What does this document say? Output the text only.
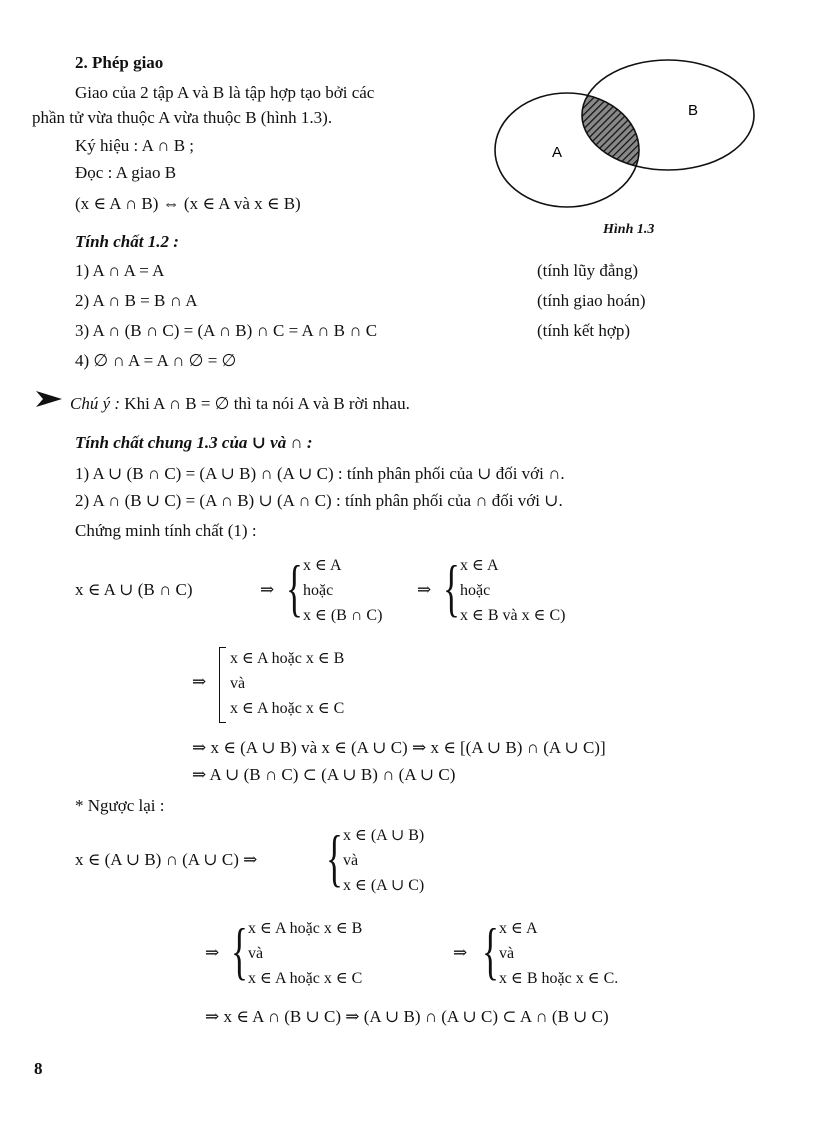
2. Phép giao
Giao của 2 tập A và B là tập hợp tạo bởi các
phần tử vừa thuộc A vừa thuộc B (hình 1.3).
Ký hiệu : A ∩ B ;
Đọc : A giao B
(x ∈ A ∩ B) ⇔ (x ∈ A và x ∈ B)
A
B
Hình 1.3
Tính chất 1.2 :
1) A ∩ A = A	(tính lũy đẳng)
2) A ∩ B = B ∩ A	(tính giao hoán)
3) A ∩ (B ∩ C) = (A ∩ B) ∩ C = A ∩ B ∩ C	(tính kết hợp)
4) ∅ ∩ A = A ∩ ∅ = ∅
Chú ý : Khi A ∩ B = ∅ thì ta nói A và B rời nhau.
Tính chất chung 1.3 của ∪ và ∩ :
1) A ∪ (B ∩ C) = (A ∪ B) ∩ (A ∪ C) : tính phân phối của ∪ đối với ∩.
2) A ∩ (B ∪ C) = (A ∩ B) ∪ (A ∩ C) : tính phân phối của ∩ đối với ∪.
Chứng minh tính chất (1) :
x ∈ A ∪ (B ∩ C)	⇒ { x ∈ A
hoặc
x ∈ (B ∩ C)
⇒ { x ∈ A
hoặc
x ∈ B và x ∈ C)
⇒
x ∈ A hoặc x ∈ B
và
x ∈ A hoặc x ∈ C
⇒ x ∈ (A ∪ B) và x ∈ (A ∪ C) ⇒ x ∈ [(A ∪ B) ∩ (A ∪ C)]
⇒ A ∪ (B ∩ C) ⊂ (A ∪ B) ∩ (A ∪ C)
* Ngược lại :
x ∈ (A ∪ B) ∩ (A ∪ C) ⇒ { x ∈ (A ∪ B)
và
x ∈ (A ∪ C)
⇒ { x ∈ A hoặc x ∈ B
và
x ∈ A hoặc x ∈ C
⇒ { x ∈ A
và
x ∈ B hoặc x ∈ C.
⇒ x ∈ A ∩ (B ∪ C) ⇒ (A ∪ B) ∩ (A ∪ C) ⊂ A ∩ (B ∪ C)
8
